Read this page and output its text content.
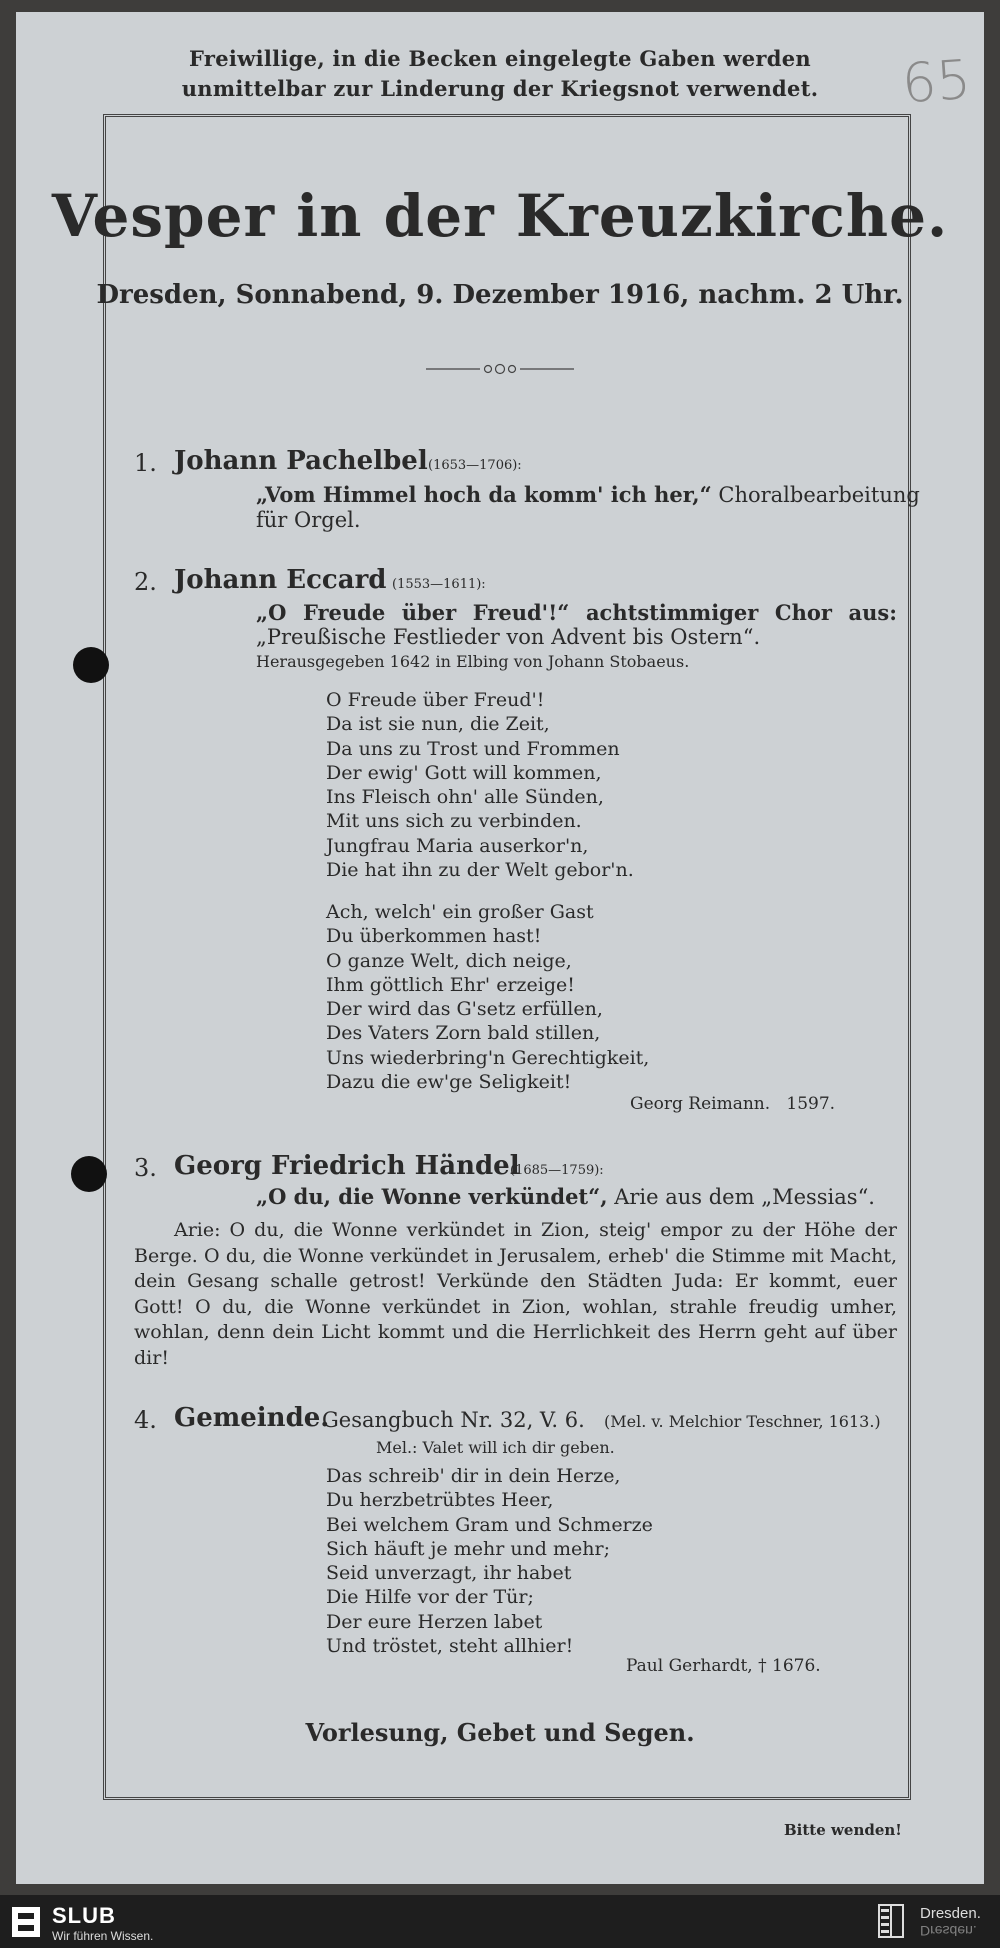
Freiwillige, in die Becken eingelegte Gaben werden
unmittelbar zur Linderung der Kriegsnot verwendet.	65
Vesper in der Kreuzkirche.
Dresden, Sonnabend, 9. Dezember 1916, nachm. 2 Uhr.
1. Johann Pachelbel (1653—1706):
„Vom Himmel hoch da komm' ich her,“ Choralbearbeitung
für Orgel.
2. Johann Eccard (1553—1611):
„O Freude über Freud'!“ achtstimmiger Chor aus:
„Preußische Festlieder von Advent bis Ostern“.
Herausgegeben 1642 in Elbing von Johann Stobaeus.
O Freude über Freud'!
Da ist sie nun, die Zeit,
Da uns zu Trost und Frommen
Der ewig' Gott will kommen,
Ins Fleisch ohn' alle Sünden,
Mit uns sich zu verbinden.
Jungfrau Maria auserkor'n,
Die hat ihn zu der Welt gebor'n.
Ach, welch' ein großer Gast
Du überkommen hast!
O ganze Welt, dich neige,
Ihm göttlich Ehr' erzeige!
Der wird das G'setz erfüllen,
Des Vaters Zorn bald stillen,
Uns wiederbring'n Gerechtigkeit,
Dazu die ew'ge Seligkeit!
Georg Reimann. 1597.
3. Georg Friedrich Händel
(1685—1759):
„O du, die Wonne verkündet“, Arie aus dem „Messias“.
Arie: O du, die Wonne verkündet in Zion, steig' empor zu der Höhe der Berge. O du, die Wonne verkündet in Jerusalem, erheb' die Stimme mit Macht, dein Gesang schalle getrost! Verkünde den Städten Juda: Er kommt, euer Gott! O du, die Wonne verkündet in Zion, wohlan, strahle freudig umher, wohlan, denn dein Licht kommt und die Herrlichkeit des Herrn geht auf über dir!
4. Gemeinde.
Gesangbuch Nr. 32, V. 6. (Mel. v. Melchior Teschner, 1613.)
Mel.: Valet will ich dir geben.
Das schreib' dir in dein Herze,
Du herzbetrübtes Heer,
Bei welchem Gram und Schmerze
Sich häuft je mehr und mehr;
Seid unverzagt, ihr habet
Die Hilfe vor der Tür;
Der eure Herzen labet
Und tröstet, steht allhier!
Paul Gerhardt, † 1676.
Vorlesung, Gebet und Segen.
Bitte wenden!
SLUB
Wir führen Wissen.
Dresden.
Dresden.
